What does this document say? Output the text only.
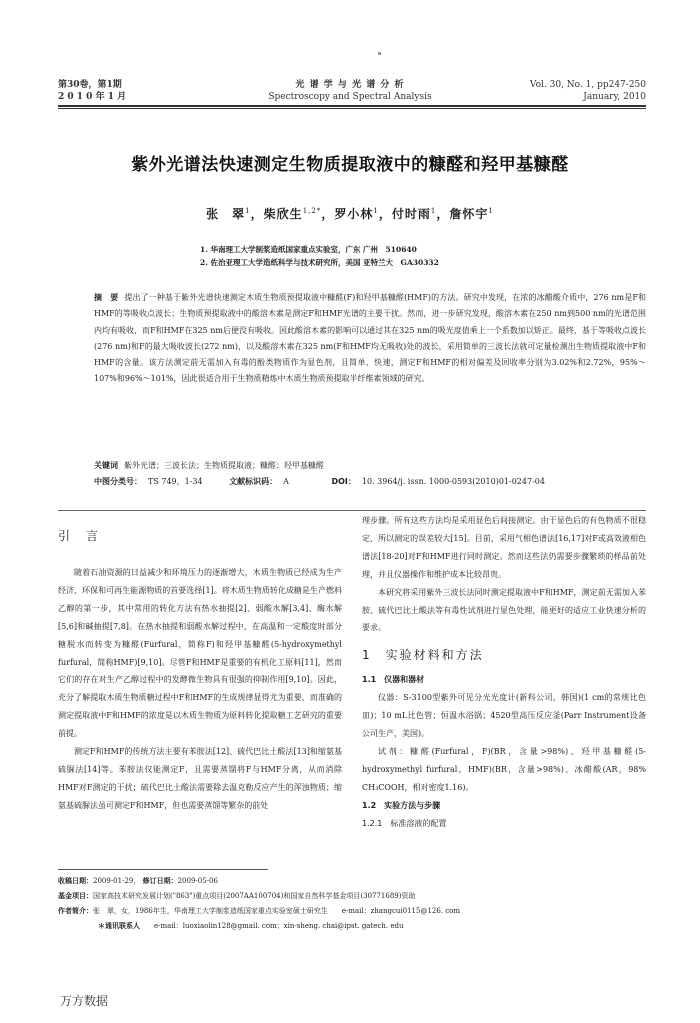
第30卷，第1期
2 0 1 0 年 1 月
光 谱 学 与 光 谱 分 析
Spectroscopy and Spectral Analysis
Vol. 30, No. 1, pp247-250
January, 2010
紫外光谱法快速测定生物质提取液中的糠醛和羟甲基糠醛
张　翠$^1$，柴欣生$^{1,2*}$，罗小林$^1$，付时雨$^1$，詹怀宇$^1$
1. 华南理工大学制浆造纸国家重点实验室，广东 广州　510640
2. 佐治亚理工大学造纸科学与技术研究所，美国 亚特兰大　GA30332
摘　要 提出了一种基于紫外光谱快速测定木质生物质预提取液中糠醛(F)和羟甲基糠醛(HMF)的方法。研究中发现，在浓的冰醋酸介质中，276 nm是F和HMF的等吸收点波长；生物质预提取液中的酸溶木素是测定F和HMF光谱的主要干扰。然而，进一步研究发现，酸溶木素在250 nm到500 nm的光谱范围内均有吸收，而F和HMF在325 nm后便没有吸收。因此酸溶木素的影响可以通过其在325 nm的吸光度值乘上一个系数加以矫正。最终，基于等吸收点波长(276 nm)和F的最大吸收波长(272 nm)，以及酸溶木素在325 nm(F和HMF均无吸收)处的波长，采用简单的三波长法就可定量检测出生物质提取液中F和HMF的含量。该方法测定前无需加入有毒的酚类物质作为显色剂，且简单、快速，测定F和HMF的相对偏差及回收率分别为3.02%和2.72%，95%～107%和96%～101%，因此很适合用于生物质精炼中木质生物质预提取半纤维素领域的研究。
关键词 紫外光谱；三波长法；生物质提取液；糠醛；羟甲基糠醛
中图分类号： TS 749，1-34	文献标识码： A	DOI： 10. 3964/j. issn. 1000-0593(2010)01-0247-04
引　言

随着石油资源的日益减少和环境压力的逐渐增大，木质生物质已经成为生产经济、环保和可再生能源物质的首要选择[1]。将木质生物质转化成糖是生产燃料乙醇的第一步，其中常用的转化方法有热水抽提[2]、弱酸水解[3,4]、酶水解[5,6]和碱抽提[7,8]。在热水抽提和弱酸水解过程中，在高温和一定酸度时部分糖脱水而转变为糠醛(Furfural，简称F)和羟甲基糠醛(5-hydroxymethyl furfural，简称HMF)[9,10]。尽管F和HMF是重要的有机化工原料[11]，然而它们的存在对生产乙醇过程中的发酵微生物具有很强的抑制作用[9,10]。因此，充分了解提取木质生物质糖过程中F和HMF的生成规律显得尤为重要，而准确的测定提取液中F和HMF的浓度是以木质生物质为原料转化提取糖工艺研究的重要前提。

测定F和HMF的传统方法主要有苯胺法[12]、硫代巴比土酸法[13]和缩氨基硫脲法[14]等。苯胺法仅能测定F，且需要蒸馏将F与HMF分离，从而消除HMF对F测定的干扰；硫代巴比土酸法需要除去温克勒反应产生的浑浊物质；缩氨基硫脲法虽可测定F和HMF，但也需要蒸馏等繁杂的前处

理步骤。所有这些方法均是采用显色后间接测定。由于显色后的有色物质不很稳定，所以测定的误差较大[15]。目前，采用气相色谱法[16,17]对F或高效液相色谱法[18-20]对F和HMF进行同时测定。然而这些法仍需要步骤繁琐的样品前处理，并且仪器操作和维护成本比较昂贵。

本研究将采用紫外三波长法同时测定提取液中F和HMF，测定前无需加入苯胺、硫代巴比土酸法等有毒性试剂进行显色处理，能更好的适应工业快速分析的要求。

1　实验材料和方法
1.1　仪器和器材

仪器：S-3100型紫外可见分光光度计(新科公司，韩国)(1 cm的常规比色皿)；10 mL比色管；恒温水浴锅；4520型高压反应釜(Parr Instrument设备公司生产，美国)。

试剂：糠醛(Furfural，F)(BR，含量>98%)、羟甲基糠醛(5-hydroxymethyl furfural，HMF)(BR，含量>98%)、冰醋酸(AR，98% CH₃COOH，相对密度1.16)。

1.2　实验方法与步骤
1.2.1　标准溶液的配置
收稿日期：2009-01-29， 修订日期：2009-05-06
基金项目：国家高技术研究发展计划("863")重点项目(2007AA100704)和国家自然科学基金项目(30771689)资助
作者简介：张　翠，女，1986年生，华南理工大学制浆造纸国家重点实验室硕士研究生　　e-mail：zhangcui0115@126. com
＊通讯联系人 e-mail：luoxiaolin128@gmail. com；xin-sheng. chai@ipst. gatech. edu
万方数据
